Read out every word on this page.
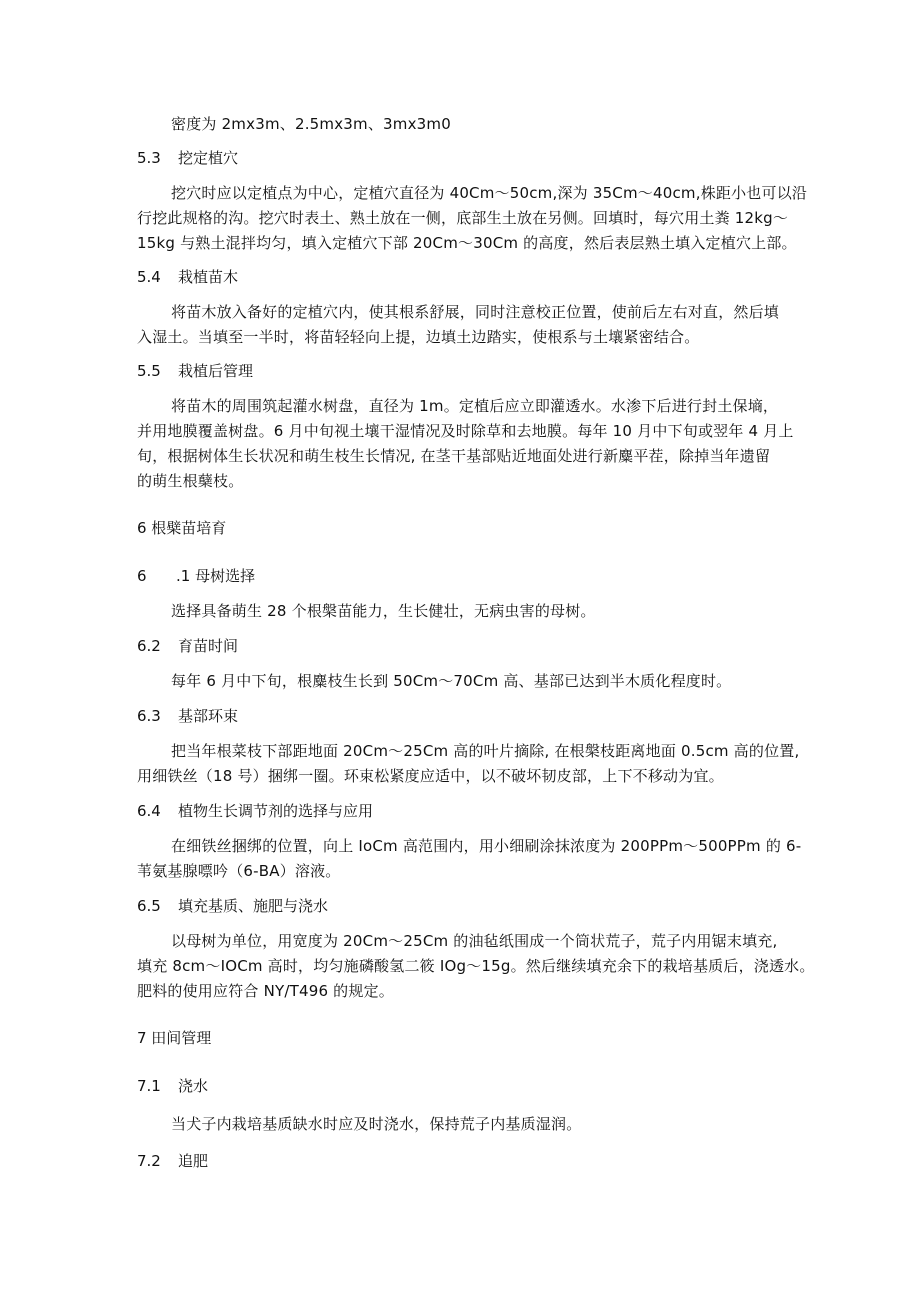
密度为 2mx3m、2.5mx3m、3mx3m0
5.3 挖定植穴
挖穴时应以定植点为中心，定植穴直径为 40Cm～50cm,深为 35Cm～40cm,株距小也可以沿
行挖此规格的沟。挖穴时表土、熟土放在一侧，底部生土放在另侧。回填时，每穴用土粪 12kg～
15kg 与熟土混拌均匀，填入定植穴下部 20Cm～30Cm 的高度，然后表层熟土填入定植穴上部。
5.4 栽植苗木
将苗木放入备好的定植穴内，使其根系舒展，同时注意校正位置，使前后左右对直，然后填
入湿土。当填至一半时，将苗轻轻向上提，边填土边踏实，使根系与土壤紧密结合。
5.5 栽植后管理
将苗木的周围筑起灌水树盘，直径为 1m。定植后应立即灌透水。水渗下后进行封土保墒，
并用地膜覆盖树盘。6 月中旬视土壤干湿情况及时除草和去地膜。每年 10 月中下旬或翌年 4 月上
旬，根据树体生长状况和萌生枝生长情况, 在茎干基部贴近地面处进行新麋平茬，除掉当年遗留
的萌生根蘖枝。
6 根檗苗培育
6 .1 母树选择
选择具备萌生 28 个根槃苗能力，生长健壮，无病虫害的母树。
6.2 育苗时间
每年 6 月中下旬，根麋枝生长到 50Cm～70Cm 高、基部已达到半木质化程度时。
6.3 基部环束
把当年根菜枝下部距地面 20Cm～25Cm 高的叶片摘除, 在根槃枝距离地面 0.5cm 高的位置,
用细铁丝（18 号）捆绑一圈。环束松紧度应适中，以不破坏韧皮部，上下不移动为宜。
6.4 植物生长调节剂的选择与应用
在细铁丝捆绑的位置，向上 IoCm 高范围内，用小细刷涂抹浓度为 200PPm～500PPm 的 6-
苇氨基腺嘌吟（6-BA）溶液。
6.5 填充基质、施肥与浇水
以母树为单位，用宽度为 20Cm～25Cm 的油毡纸围成一个筒状荒子，荒子内用锯末填充,
填充 8cm～IOCm 高时，均匀施磷酸氢二筱 IOg～15g。然后继续填充余下的栽培基质后，浇透水。
肥料的使用应符合 NY/T496 的规定。
7 田间管理
7.1 浇水
当犬子内栽培基质缺水时应及时浇水，保持荒子内基质湿润。
7.2 追肥
